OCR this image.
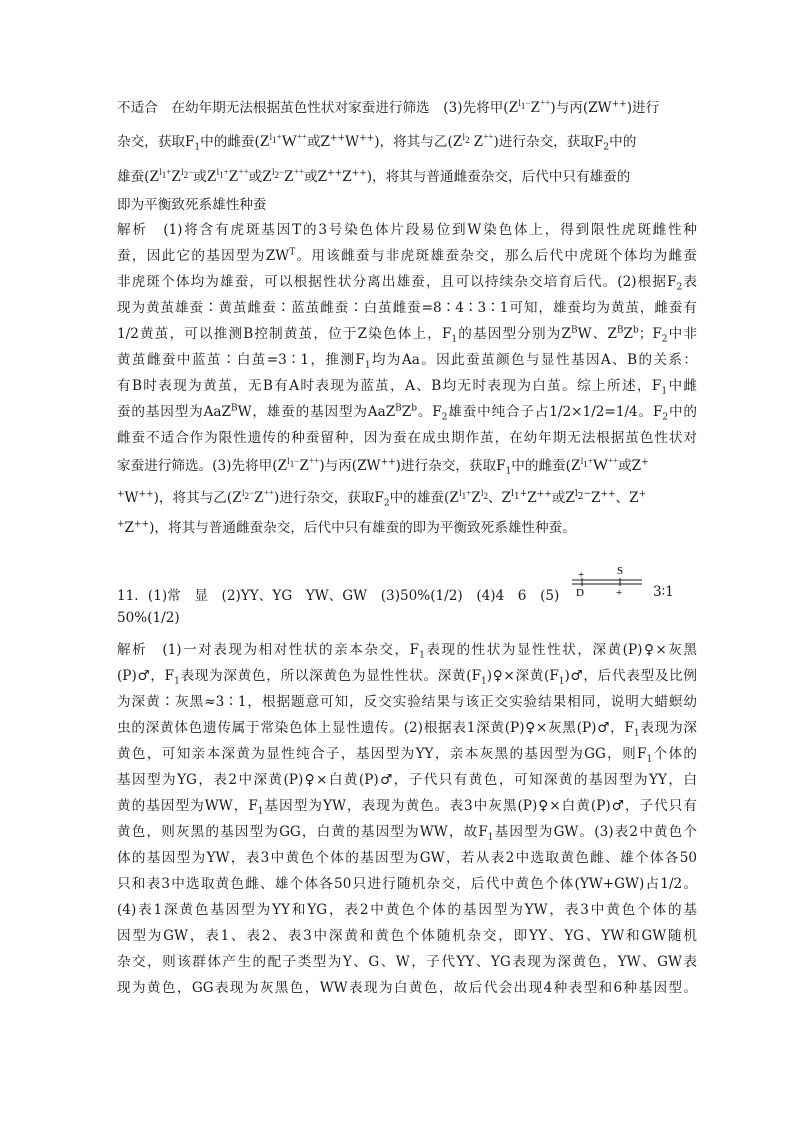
不适合　在幼年期无法根据茧色性状对家蚕进行筛选　(3)先将甲$(Z^{l_1-}Z^{++})$与丙(ZW++)进行
杂交，获取$F_1$中的雌蚕($Z^{l_1+}W^{++}$或Z++W++)，将其与乙($Z^{l_2}$ Z++)进行杂交，获取$F_2$中的
雄蚕($Z^{l_1+}Z^{l_2-}$或$Z^{l_1+}Z^{++}$或$Z^{l_2-}Z^{++}$或Z++Z++)，将其与普通雌蚕杂交，后代中只有雄蚕的
即为平衡致死系雄性种蚕
解析　(1)将含有虎斑基因T的3号染色体片段易位到W染色体上，得到限性虎斑雌性种
蚕，因此它的基因型为$ZW^T$。用该雌蚕与非虎斑雄蚕杂交，那么后代中虎斑个体均为雌蚕
非虎斑个体均为雄蚕，可以根据性状分离出雄蚕，且可以持续杂交培育后代。(2)根据$F_2$表
现为黄茧雄蚕∶黄茧雌蚕∶蓝茧雌蚕∶白茧雌蚕=8∶4∶3∶1可知，雄蚕均为黄茧，雌蚕有
1/2黄茧，可以推测B控制黄茧，位于Z染色体上，$F_1$的基因型分别为$Z^BW$、$Z^BZ^b$；$F_2$中非
黄茧雌蚕中蓝茧∶白茧=3∶1，推测$F_1$均为Aa。因此蚕茧颜色与显性基因A、B的关系：
有B时表现为黄茧，无B有A时表现为蓝茧，A、B均无时表现为白茧。综上所述，$F_1$中雌
蚕的基因型为AaZ$^B$W，雄蚕的基因型为$AaZ^BZ^b$。$F_2$雄蚕中纯合子占1/2×1/2=1/4。$F_2$中的
雌蚕不适合作为限性遗传的种蚕留种，因为蚕在成虫期作茧，在幼年期无法根据茧色性状对
家蚕进行筛选。(3)先将甲$(Z^{l_1-}Z^{++})$与丙(ZW++)进行杂交，获取$F_1$中的雌蚕($Z^{l_1+}W^{++}$或Z+
+W++)，将其与乙$(Z^{l_2-}Z^{++})$进行杂交，获取$F_2$中的雄蚕($Z^{l_1+}Z^{l_2}$、$Z^{l_1+}Z^{++}$或$Z^{l_2-}Z^{++}$、Z+
+Z++)，将其与普通雌蚕杂交，后代中只有雄蚕的即为平衡致死系雄性种蚕。
11．(1)常　显　 (2)YY、YG　YW、GW　 (3)50%(1/2)　 (4)4　6　 (5)
+	S
D	+ 3∶1
50%(1/2)
解析　(1)一对表现为相对性状的亲本杂交，$F_1$表现的性状为显性性状，深黄(P)♀×灰黑
(P)♂，$F_1$表现为深黄色，所以深黄色为显性性状。深黄$(F_1)♀\times$深黄$(F_1)♂$，后代表型及比例
为深黄∶灰黑≈3∶1，根据题意可知，反交实验结果与该正交实验结果相同，说明大蜡螟幼
虫的深黄体色遗传属于常染色体上显性遗传。(2)根据表1深黄(P)♀×灰黑(P)♂，$F_1$表现为深
黄色，可知亲本深黄为显性纯合子，基因型为YY，亲本灰黑的基因型为GG，则$F_1$个体的
基因型为YG，表2中深黄(P)♀×白黄(P)♂，子代只有黄色，可知深黄的基因型为YY，白
黄的基因型为WW，$F_1$基因型为YW，表现为黄色。表3中灰黑(P)♀×白黄(P)♂，子代只有
黄色，则灰黑的基因型为GG，白黄的基因型为WW，故$F_1$基因型为GW。(3)表2中黄色个
体的基因型为YW，表3中黄色个体的基因型为GW，若从表2中选取黄色雌、雄个体各50
只和表3中选取黄色雌、雄个体各50只进行随机杂交，后代中黄色个体(YW+GW)占1/2。
(4)表1深黄色基因型为YY和YG，表2中黄色个体的基因型为YW，表3中黄色个体的基
因型为GW，表1、表2、表3中深黄和黄色个体随机杂交，即YY、YG、YW和GW随机
杂交，则该群体产生的配子类型为Y、G、W，子代YY、YG表现为深黄色，YW、GW表
现为黄色，GG表现为灰黑色，WW表现为白黄色，故后代会出现4种表型和6种基因型。
